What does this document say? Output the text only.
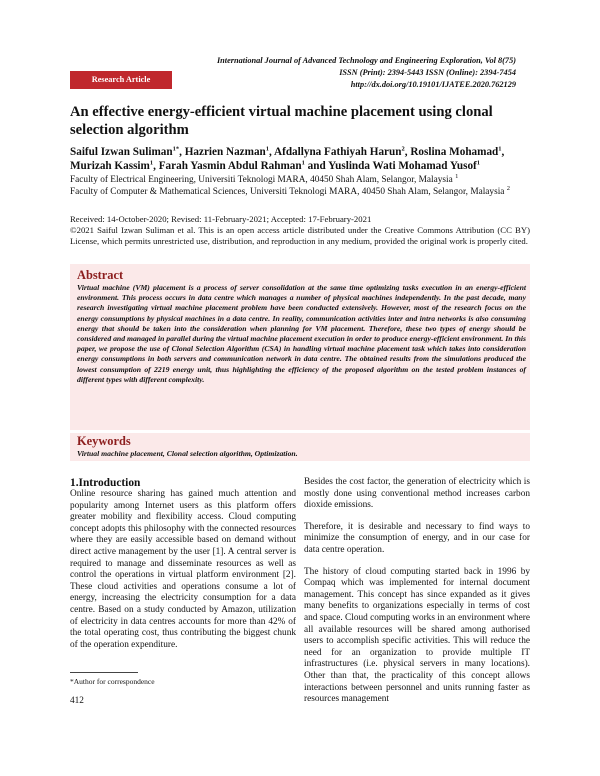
International Journal of Advanced Technology and Engineering Exploration, Vol 8(75)
ISSN (Print): 2394-5443 ISSN (Online): 2394-7454
http://dx.doi.org/10.19101/IJATEE.2020.762129
Research Article
An effective energy-efficient virtual machine placement using clonal selection algorithm
Saiful Izwan Suliman$^{1*}$, Hazrien Nazman$^1$, Afdallyna Fathiyah Harun$^2$, Roslina Mohamad$^1$, Murizah Kassim$^1$, Farah Yasmin Abdul Rahman$^1$ and Yuslinda Wati Mohamad Yusof$^1$
Faculty of Electrical Engineering, Universiti Teknologi MARA, 40450 Shah Alam, Selangor, Malaysia $^1$
Faculty of Computer & Mathematical Sciences, Universiti Teknologi MARA, 40450 Shah Alam, Selangor, Malaysia $^2$
Received: 14-October-2020; Revised: 11-February-2021; Accepted: 17-February-2021
©2021 Saiful Izwan Suliman et al. This is an open access article distributed under the Creative Commons Attribution (CC BY) License, which permits unrestricted use, distribution, and reproduction in any medium, provided the original work is properly cited.
Abstract
Virtual machine (VM) placement is a process of server consolidation at the same time optimizing tasks execution in an energy-efficient environment. This process occurs in data centre which manages a number of physical machines independently. In the past decade, many research investigating virtual machine placement problem have been conducted extensively. However, most of the research focus on the energy consumptions by physical machines in a data centre. In reality, communication activities inter and intra networks is also consuming energy that should be taken into the consideration when planning for VM placement. Therefore, these two types of energy should be considered and managed in parallel during the virtual machine placement execution in order to produce energy-efficient environment. In this paper, we propose the use of Clonal Selection Algorithm (CSA) in handling virtual machine placement task which takes into consideration energy consumptions in both servers and communication network in data centre. The obtained results from the simulations produced the lowest consumption of 2219 energy unit, thus highlighting the efficiency of the proposed algorithm on the tested problem instances of different types with different complexity.
Keywords
Virtual machine placement, Clonal selection algorithm, Optimization.
1.Introduction

Online resource sharing has gained much attention and popularity among Internet users as this platform offers greater mobility and flexibility access. Cloud computing concept adopts this philosophy with the connected resources where they are easily accessible based on demand without direct active management by the user [1]. A central server is required to manage and disseminate resources as well as control the operations in virtual platform environment [2]. These cloud activities and operations consume a lot of energy, increasing the electricity consumption for a data centre. Based on a study conducted by Amazon, utilization of electricity in data centres accounts for more than 42% of the total operating cost, thus contributing the biggest chunk of the operation expenditure.

Besides the cost factor, the generation of electricity which is mostly done using conventional method increases carbon dioxide emissions.

Therefore, it is desirable and necessary to find ways to minimize the consumption of energy, and in our case for data centre operation.

The history of cloud computing started back in 1996 by Compaq which was implemented for internal document management. This concept has since expanded as it gives many benefits to organizations especially in terms of cost and space. Cloud computing works in an environment where all available resources will be shared among authorised users to accomplish specific activities. This will reduce the need for an organization to provide multiple IT infrastructures (i.e. physical servers in many locations). Other than that, the practicality of this concept allows interactions between personnel and units running faster as resources management

*Author for correspondence
412
